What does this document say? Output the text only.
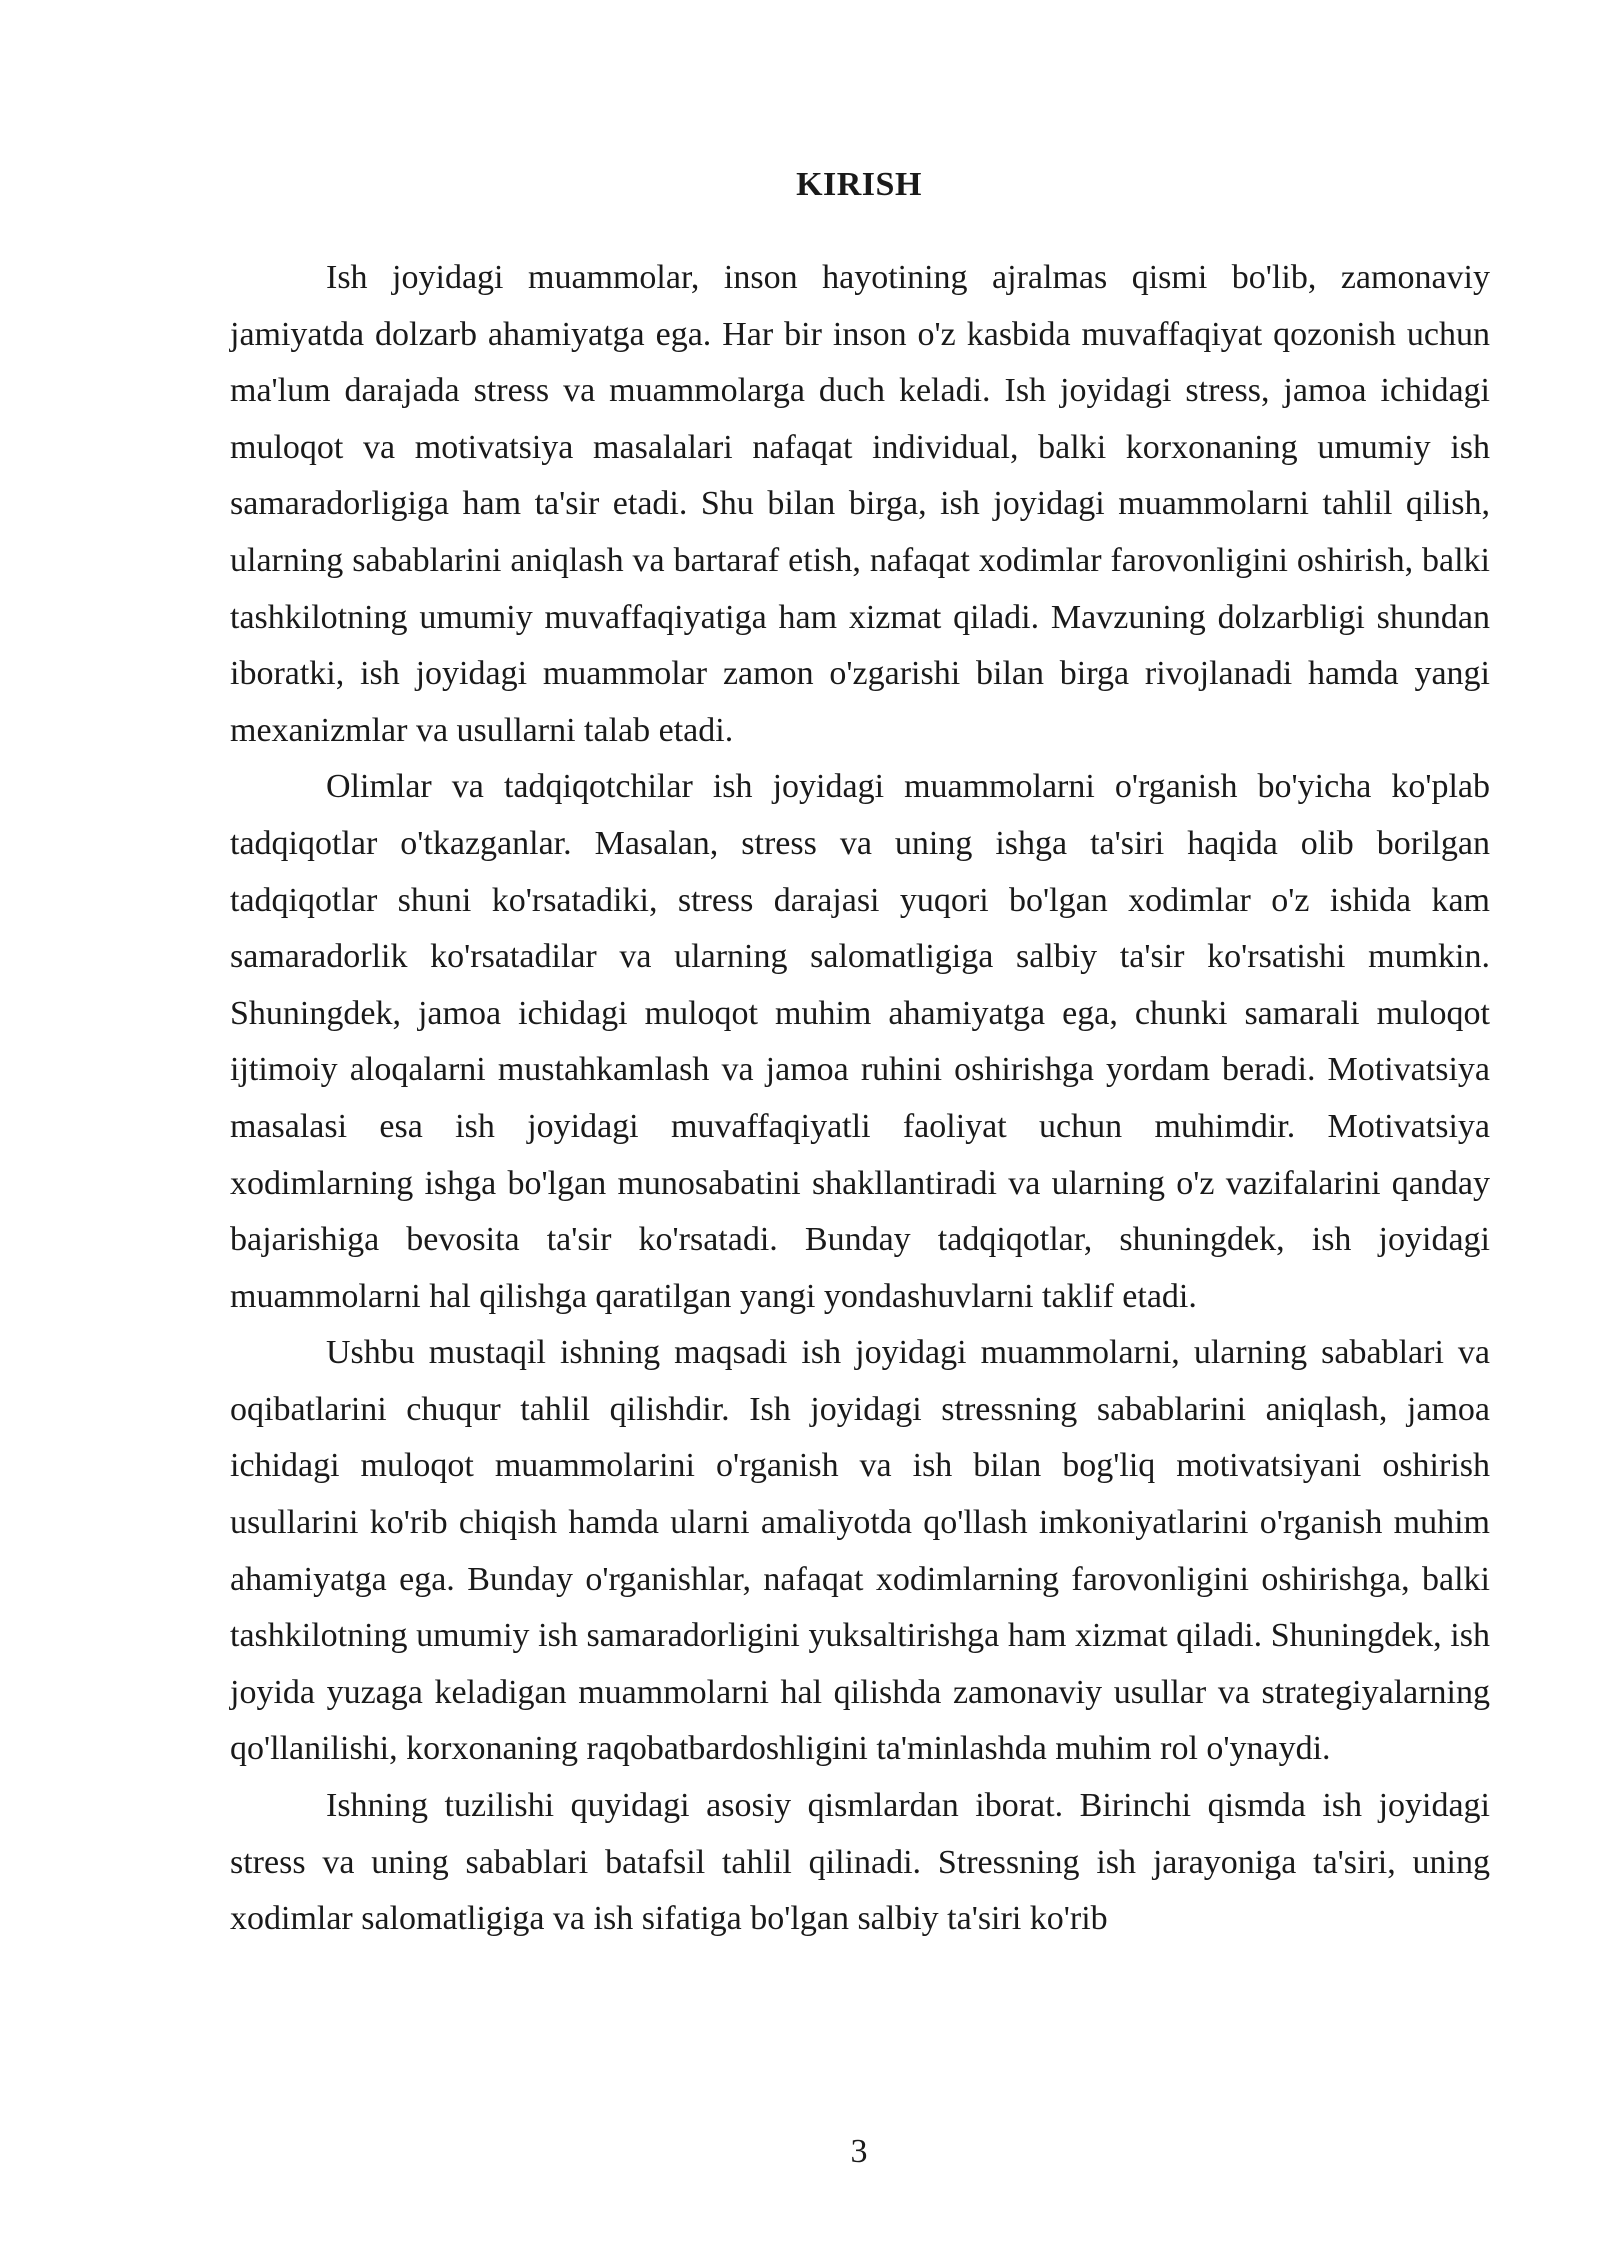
KIRISH

Ish joyidagi muammolar, inson hayotining ajralmas qismi bo'lib, zamonaviy jamiyatda dolzarb ahamiyatga ega. Har bir inson o'z kasbida muvaffaqiyat qozonish uchun ma'lum darajada stress va muammolarga duch keladi. Ish joyidagi stress, jamoa ichidagi muloqot va motivatsiya masalalari nafaqat individual, balki korxonaning umumiy ish samaradorligiga ham ta'sir etadi. Shu bilan birga, ish joyidagi muammolarni tahlil qilish, ularning sabablarini aniqlash va bartaraf etish, nafaqat xodimlar farovonligini oshirish, balki tashkilotning umumiy muvaffaqiyatiga ham xizmat qiladi. Mavzuning dolzarbligi shundan iboratki, ish joyidagi muammolar zamon o'zgarishi bilan birga rivojlanadi hamda yangi mexanizmlar va usullarni talab etadi.

Olimlar va tadqiqotchilar ish joyidagi muammolarni o'rganish bo'yicha ko'plab tadqiqotlar o'tkazganlar. Masalan, stress va uning ishga ta'siri haqida olib borilgan tadqiqotlar shuni ko'rsatadiki, stress darajasi yuqori bo'lgan xodimlar o'z ishida kam samaradorlik ko'rsatadilar va ularning salomatligiga salbiy ta'sir ko'rsatishi mumkin. Shuningdek, jamoa ichidagi muloqot muhim ahamiyatga ega, chunki samarali muloqot ijtimoiy aloqalarni mustahkamlash va jamoa ruhini oshirishga yordam beradi. Motivatsiya masalasi esa ish joyidagi muvaffaqiyatli faoliyat uchun muhimdir. Motivatsiya xodimlarning ishga bo'lgan munosabatini shakllantiradi va ularning o'z vazifalarini qanday bajarishiga bevosita ta'sir ko'rsatadi. Bunday tadqiqotlar, shuningdek, ish joyidagi muammolarni hal qilishga qaratilgan yangi yondashuvlarni taklif etadi.

Ushbu mustaqil ishning maqsadi ish joyidagi muammolarni, ularning sabablari va oqibatlarini chuqur tahlil qilishdir. Ish joyidagi stressning sabablarini aniqlash, jamoa ichidagi muloqot muammolarini o'rganish va ish bilan bog'liq motivatsiyani oshirish usullarini ko'rib chiqish hamda ularni amaliyotda qo'llash imkoniyatlarini o'rganish muhim ahamiyatga ega. Bunday o'rganishlar, nafaqat xodimlarning farovonligini oshirishga, balki tashkilotning umumiy ish samaradorligini yuksaltirishga ham xizmat qiladi. Shuningdek, ish joyida yuzaga keladigan muammolarni hal qilishda zamonaviy usullar va strategiyalarning qo'llanilishi, korxonaning raqobatbardoshligini ta'minlashda muhim rol o'ynaydi.

Ishning tuzilishi quyidagi asosiy qismlardan iborat. Birinchi qismda ish joyidagi stress va uning sabablari batafsil tahlil qilinadi. Stressning ish jarayoniga ta'siri, uning xodimlar salomatligiga va ish sifatiga bo'lgan salbiy ta'siri ko'rib

3
